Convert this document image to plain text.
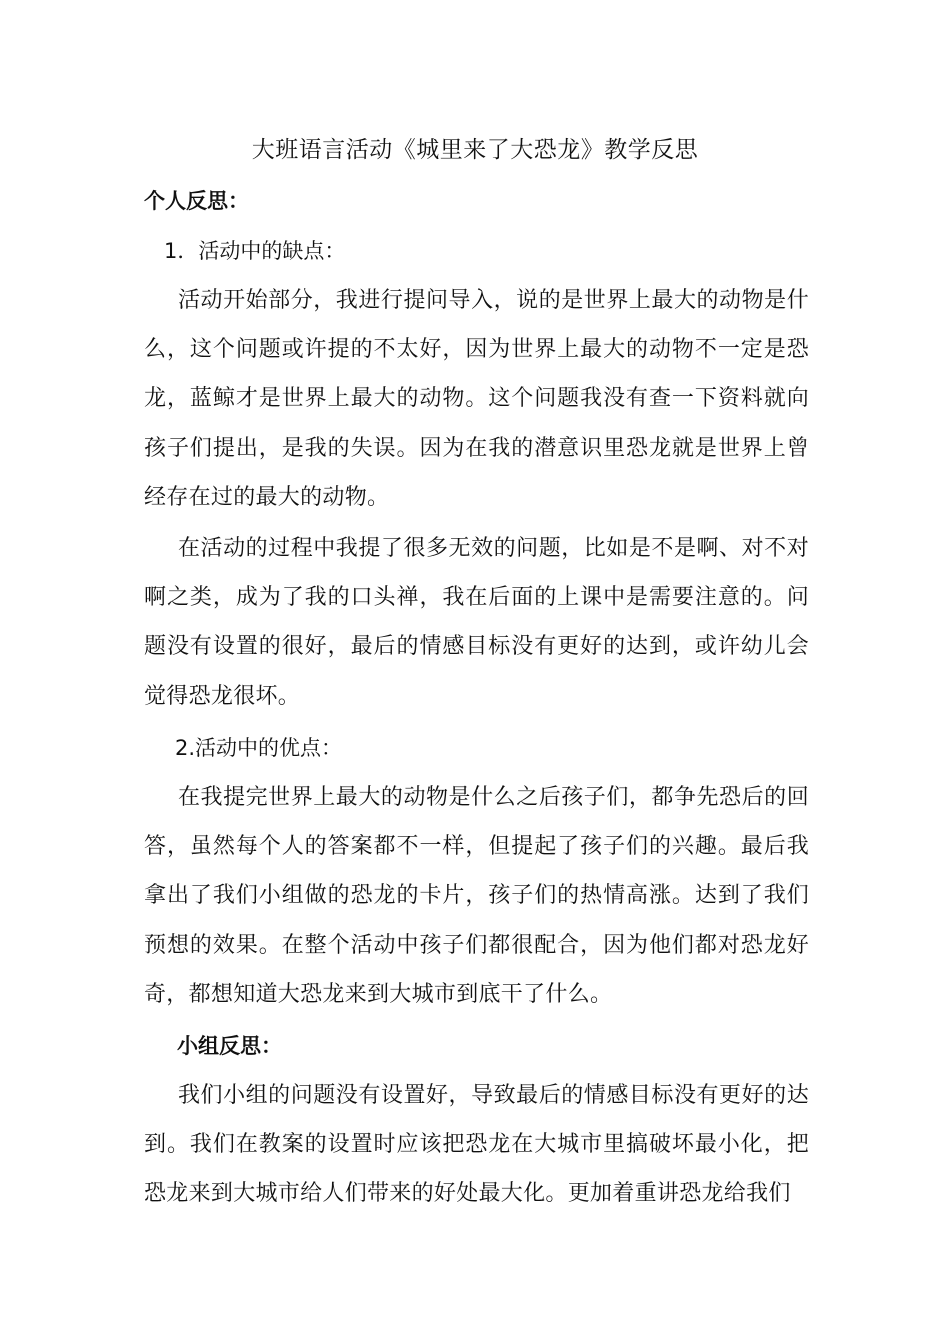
大班语言活动《城里来了大恐龙》教学反思
个人反思：
1．活动中的缺点：
活动开始部分，我进行提问导入，说的是世界上最大的动物是什么，这个问题或许提的不太好，因为世界上最大的动物不一定是恐龙，蓝鲸才是世界上最大的动物。这个问题我没有查一下资料就向孩子们提出，是我的失误。因为在我的潜意识里恐龙就是世界上曾经存在过的最大的动物。
在活动的过程中我提了很多无效的问题，比如是不是啊、对不对啊之类，成为了我的口头禅，我在后面的上课中是需要注意的。问题没有设置的很好，最后的情感目标没有更好的达到，或许幼儿会觉得恐龙很坏。
2.活动中的优点：
在我提完世界上最大的动物是什么之后孩子们，都争先恐后的回答，虽然每个人的答案都不一样，但提起了孩子们的兴趣。最后我拿出了我们小组做的恐龙的卡片，孩子们的热情高涨。达到了我们预想的效果。在整个活动中孩子们都很配合，因为他们都对恐龙好奇，都想知道大恐龙来到大城市到底干了什么。
小组反思：
我们小组的问题没有设置好，导致最后的情感目标没有更好的达到。我们在教案的设置时应该把恐龙在大城市里搞破坏最小化，把恐龙来到大城市给人们带来的好处最大化。更加着重讲恐龙给我们
